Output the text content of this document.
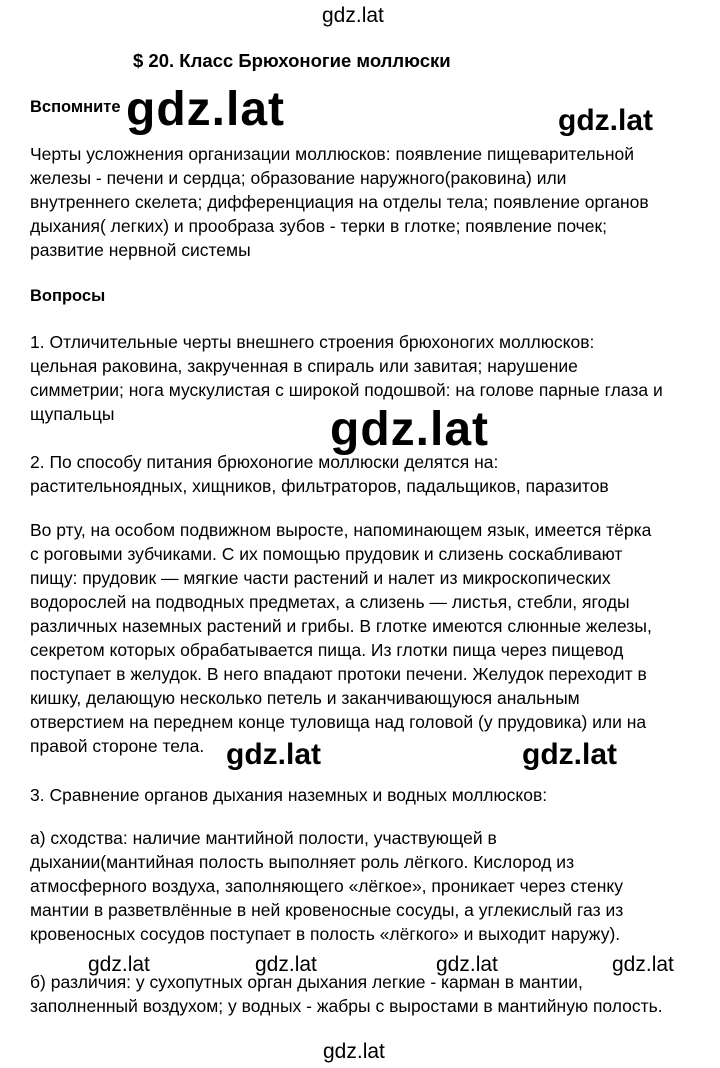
gdz.lat
gdz.lat	gdz.lat
gdz.lat
gdz.lat	gdz.lat
gdz.lat	gdz.lat	gdz.lat	gdz.lat
gdz.lat
$ 20. Класс Брюхоногие моллюски
Вспомните
Черты усложнения организации моллюсков: появление пищеварительной
железы - печени и сердца; образование наружного(раковина) или
внутреннего скелета; дифференциация на отделы тела; появление органов
дыхания( легких) и прообраза зубов - терки в глотке; появление почек;
развитие нервной системы
Вопросы
1. Отличительные черты внешнего строения брюхоногих моллюсков:
цельная раковина, закрученная в спираль или завитая; нарушение
симметрии; нога мускулистая с широкой подошвой: на голове парные глаза и
щупальцы
2. По способу питания брюхоногие моллюски делятся на:
растительноядных, хищников, фильтраторов, падальщиков, паразитов
Во рту, на особом подвижном выросте, напоминающем язык, имеется тёрка
с роговыми зубчиками. С их помощью прудовик и слизень соскабливают
пищу: прудовик — мягкие части растений и налет из микроскопических
водорослей на подводных предметах, а слизень — листья, стебли, ягоды
различных наземных растений и грибы. В глотке имеются слюнные железы,
секретом которых обрабатывается пища. Из глотки пища через пищевод
поступает в желудок. В него впадают протоки печени. Желудок переходит в
кишку, делающую несколько петель и заканчивающуюся анальным
отверстием на переднем конце туловища над головой (у прудовика) или на
правой стороне тела.
3. Сравнение органов дыхания наземных и водных моллюсков:
а) сходства: наличие мантийной полости, участвующей в
дыхании(мантийная полость выполняет роль лёгкого. Кислород из
атмосферного воздуха, заполняющего «лёгкое», проникает через стенку
мантии в разветвлённые в ней кровеносные сосуды, а углекислый газ из
кровеносных сосудов поступает в полость «лёгкого» и выходит наружу).
б) различия: у сухопутных орган дыхания легкие - карман в мантии,
заполненный воздухом; у водных - жабры с выростами в мантийную полость.
